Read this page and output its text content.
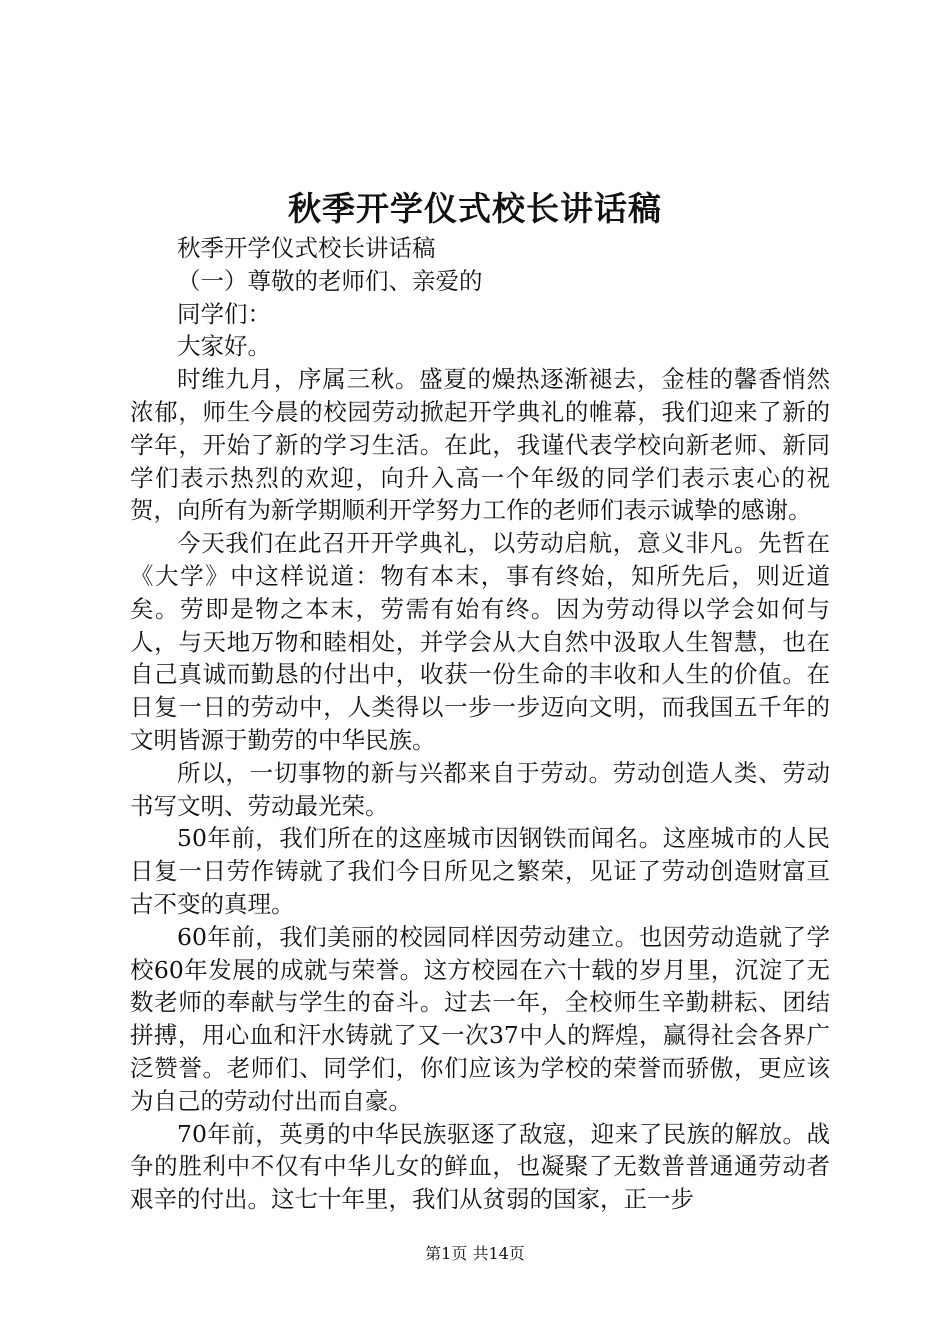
秋季开学仪式校长讲话稿

秋季开学仪式校长讲话稿

（一）尊敬的老师们、亲爱的

同学们：

大家好。

时维九月，序属三秋。盛夏的燥热逐渐褪去，金桂的馨香悄然浓郁，师生今晨的校园劳动掀起开学典礼的帷幕，我们迎来了新的学年，开始了新的学习生活。在此，我谨代表学校向新老师、新同学们表示热烈的欢迎，向升入高一个年级的同学们表示衷心的祝贺，向所有为新学期顺利开学努力工作的老师们表示诚挚的感谢。

今天我们在此召开开学典礼，以劳动启航，意义非凡。先哲在《大学》中这样说道：物有本末，事有终始，知所先后，则近道矣。劳即是物之本末，劳需有始有终。因为劳动得以学会如何与人，与天地万物和睦相处，并学会从大自然中汲取人生智慧，也在自己真诚而勤恳的付出中，收获一份生命的丰收和人生的价值。在日复一日的劳动中，人类得以一步一步迈向文明，而我国五千年的文明皆源于勤劳的中华民族。

所以，一切事物的新与兴都来自于劳动。劳动创造人类、劳动书写文明、劳动最光荣。

50年前，我们所在的这座城市因钢铁而闻名。这座城市的人民日复一日劳作铸就了我们今日所见之繁荣，见证了劳动创造财富亘古不变的真理。

60年前，我们美丽的校园同样因劳动建立。也因劳动造就了学校60年发展的成就与荣誉。这方校园在六十载的岁月里，沉淀了无数老师的奉献与学生的奋斗。过去一年，全校师生辛勤耕耘、团结拼搏，用心血和汗水铸就了又一次37中人的辉煌，赢得社会各界广泛赞誉。老师们、同学们，你们应该为学校的荣誉而骄傲，更应该为自己的劳动付出而自豪。

70年前，英勇的中华民族驱逐了敌寇，迎来了民族的解放。战争的胜利中不仅有中华儿女的鲜血，也凝聚了无数普普通通劳动者艰辛的付出。这七十年里，我们从贫弱的国家，正一步

第1页 共14页
